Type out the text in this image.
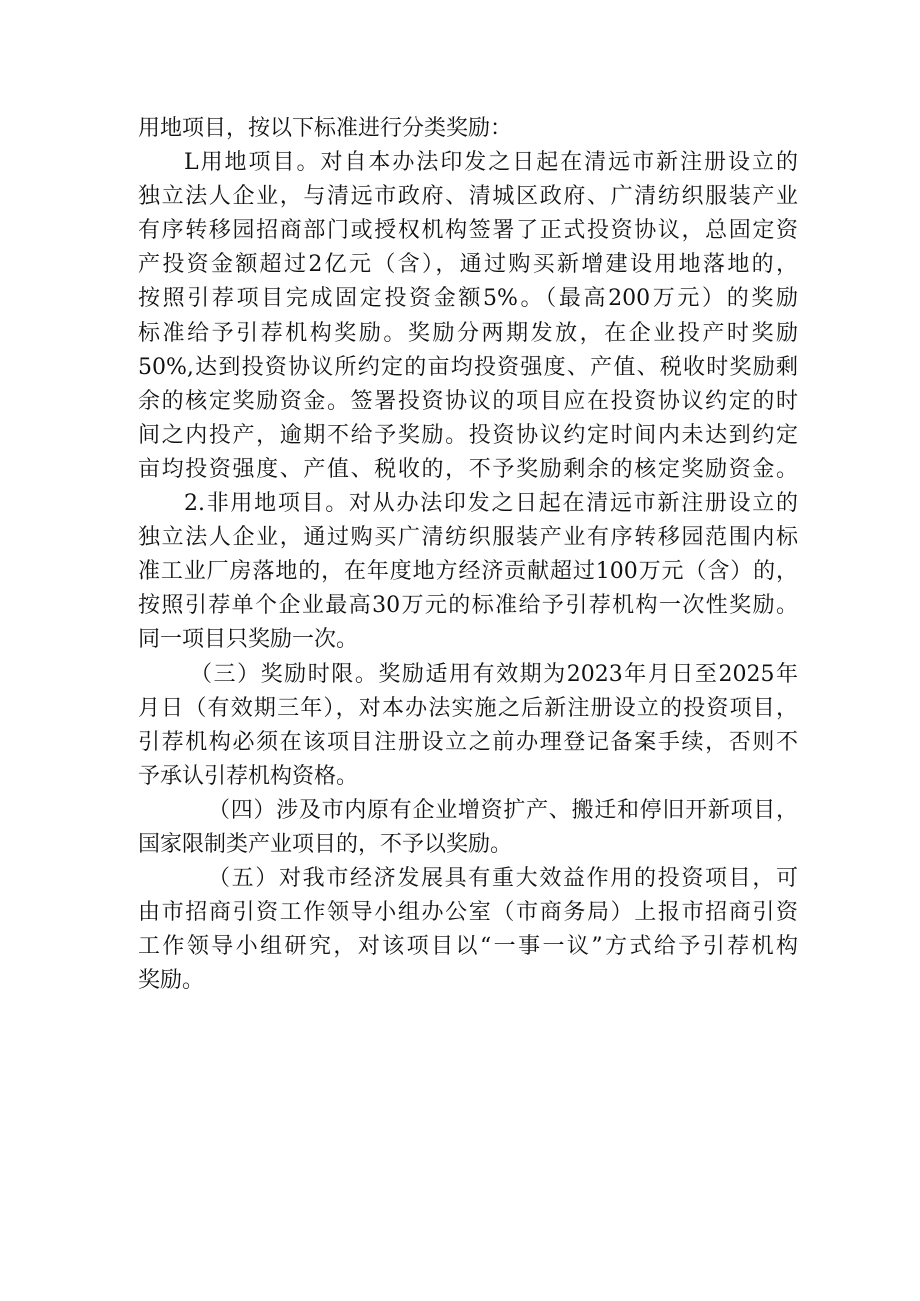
用地项目，按以下标准进行分类奖励：
L用地项目。对自本办法印发之日起在清远市新注册设立的
独立法人企业，与清远市政府、清城区政府、广清纺织服装产业
有序转移园招商部门或授权机构签署了正式投资协议，总固定资
产投资金额超过2亿元（含），通过购买新增建设用地落地的，
按照引荐项目完成固定投资金额5%。（最高200万元）的奖励
标准给予引荐机构奖励。奖励分两期发放，在企业投产时奖励
50%,达到投资协议所约定的亩均投资强度、产值、税收时奖励剩
余的核定奖励资金。签署投资协议的项目应在投资协议约定的时
间之内投产，逾期不给予奖励。投资协议约定时间内未达到约定
亩均投资强度、产值、税收的，不予奖励剩余的核定奖励资金。
2.非用地项目。对从办法印发之日起在清远市新注册设立的
独立法人企业，通过购买广清纺织服装产业有序转移园范围内标
准工业厂房落地的，在年度地方经济贡献超过100万元（含）的，
按照引荐单个企业最高30万元的标准给予引荐机构一次性奖励。
同一项目只奖励一次。
（三）奖励时限。奖励适用有效期为2023年月日至2025年
月日（有效期三年），对本办法实施之后新注册设立的投资项目，
引荐机构必须在该项目注册设立之前办理登记备案手续，否则不
予承认引荐机构资格。
（四）涉及市内原有企业增资扩产、搬迁和停旧开新项目，
国家限制类产业项目的，不予以奖励。
（五）对我市经济发展具有重大效益作用的投资项目，可
由市招商引资工作领导小组办公室（市商务局）上报市招商引资
工作领导小组研究，对该项目以“一事一议”方式给予引荐机构
奖励。
